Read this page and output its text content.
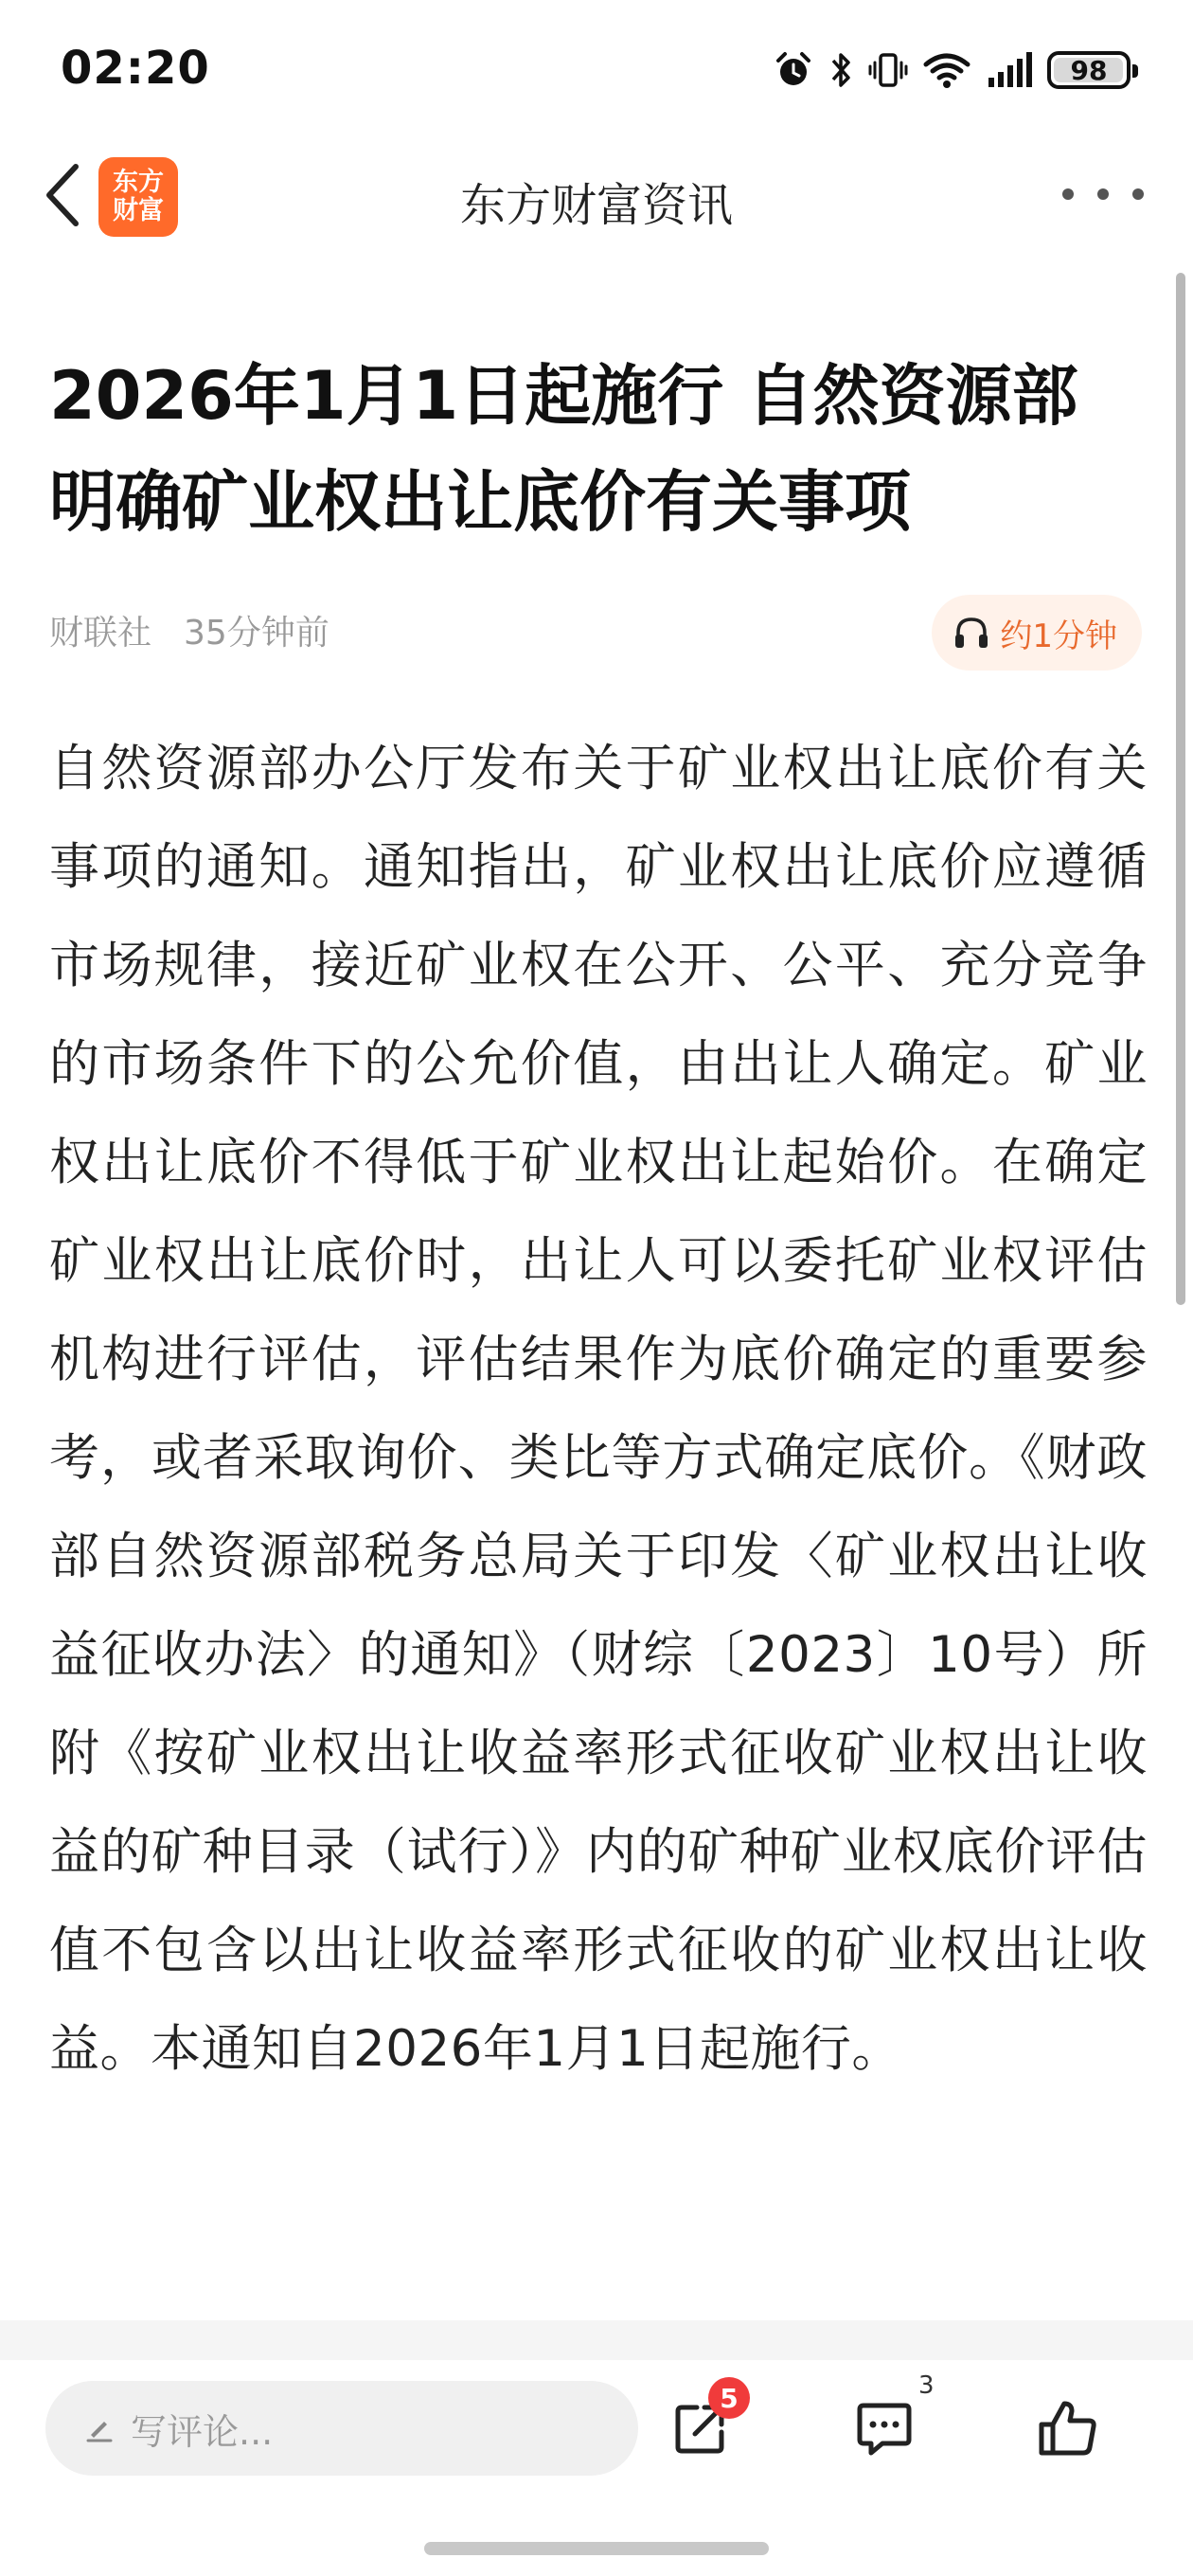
02:20	98
东方
财富	东方财富资讯
2026年1月1日起施行 自然资源部明确矿业权出让底价有关事项
财联社 35分钟前	约1分钟
自然资源部办公厅发布关于矿业权出让底价有关事项的通知。通知指出，矿业权出让底价应遵循市场规律，接近矿业权在公开、公平、充分竞争的市场条件下的公允价值，由出让人确定。矿业权出让底价不得低于矿业权出让起始价。在确定矿业权出让底价时，出让人可以委托矿业权评估机构进行评估，评估结果作为底价确定的重要参考，或者采取询价、类比等方式确定底价。《财政部自然资源部税务总局关于印发〈矿业权出让收益征收办法〉的通知》（财综〔2023〕10号）所附《按矿业权出让收益率形式征收矿业权出让收益的矿种目录（试行）》内的矿种矿业权底价评估值不包含以出让收益率形式征收的矿业权出让收益。本通知自2026年1月1日起施行。
写评论...
5	3
